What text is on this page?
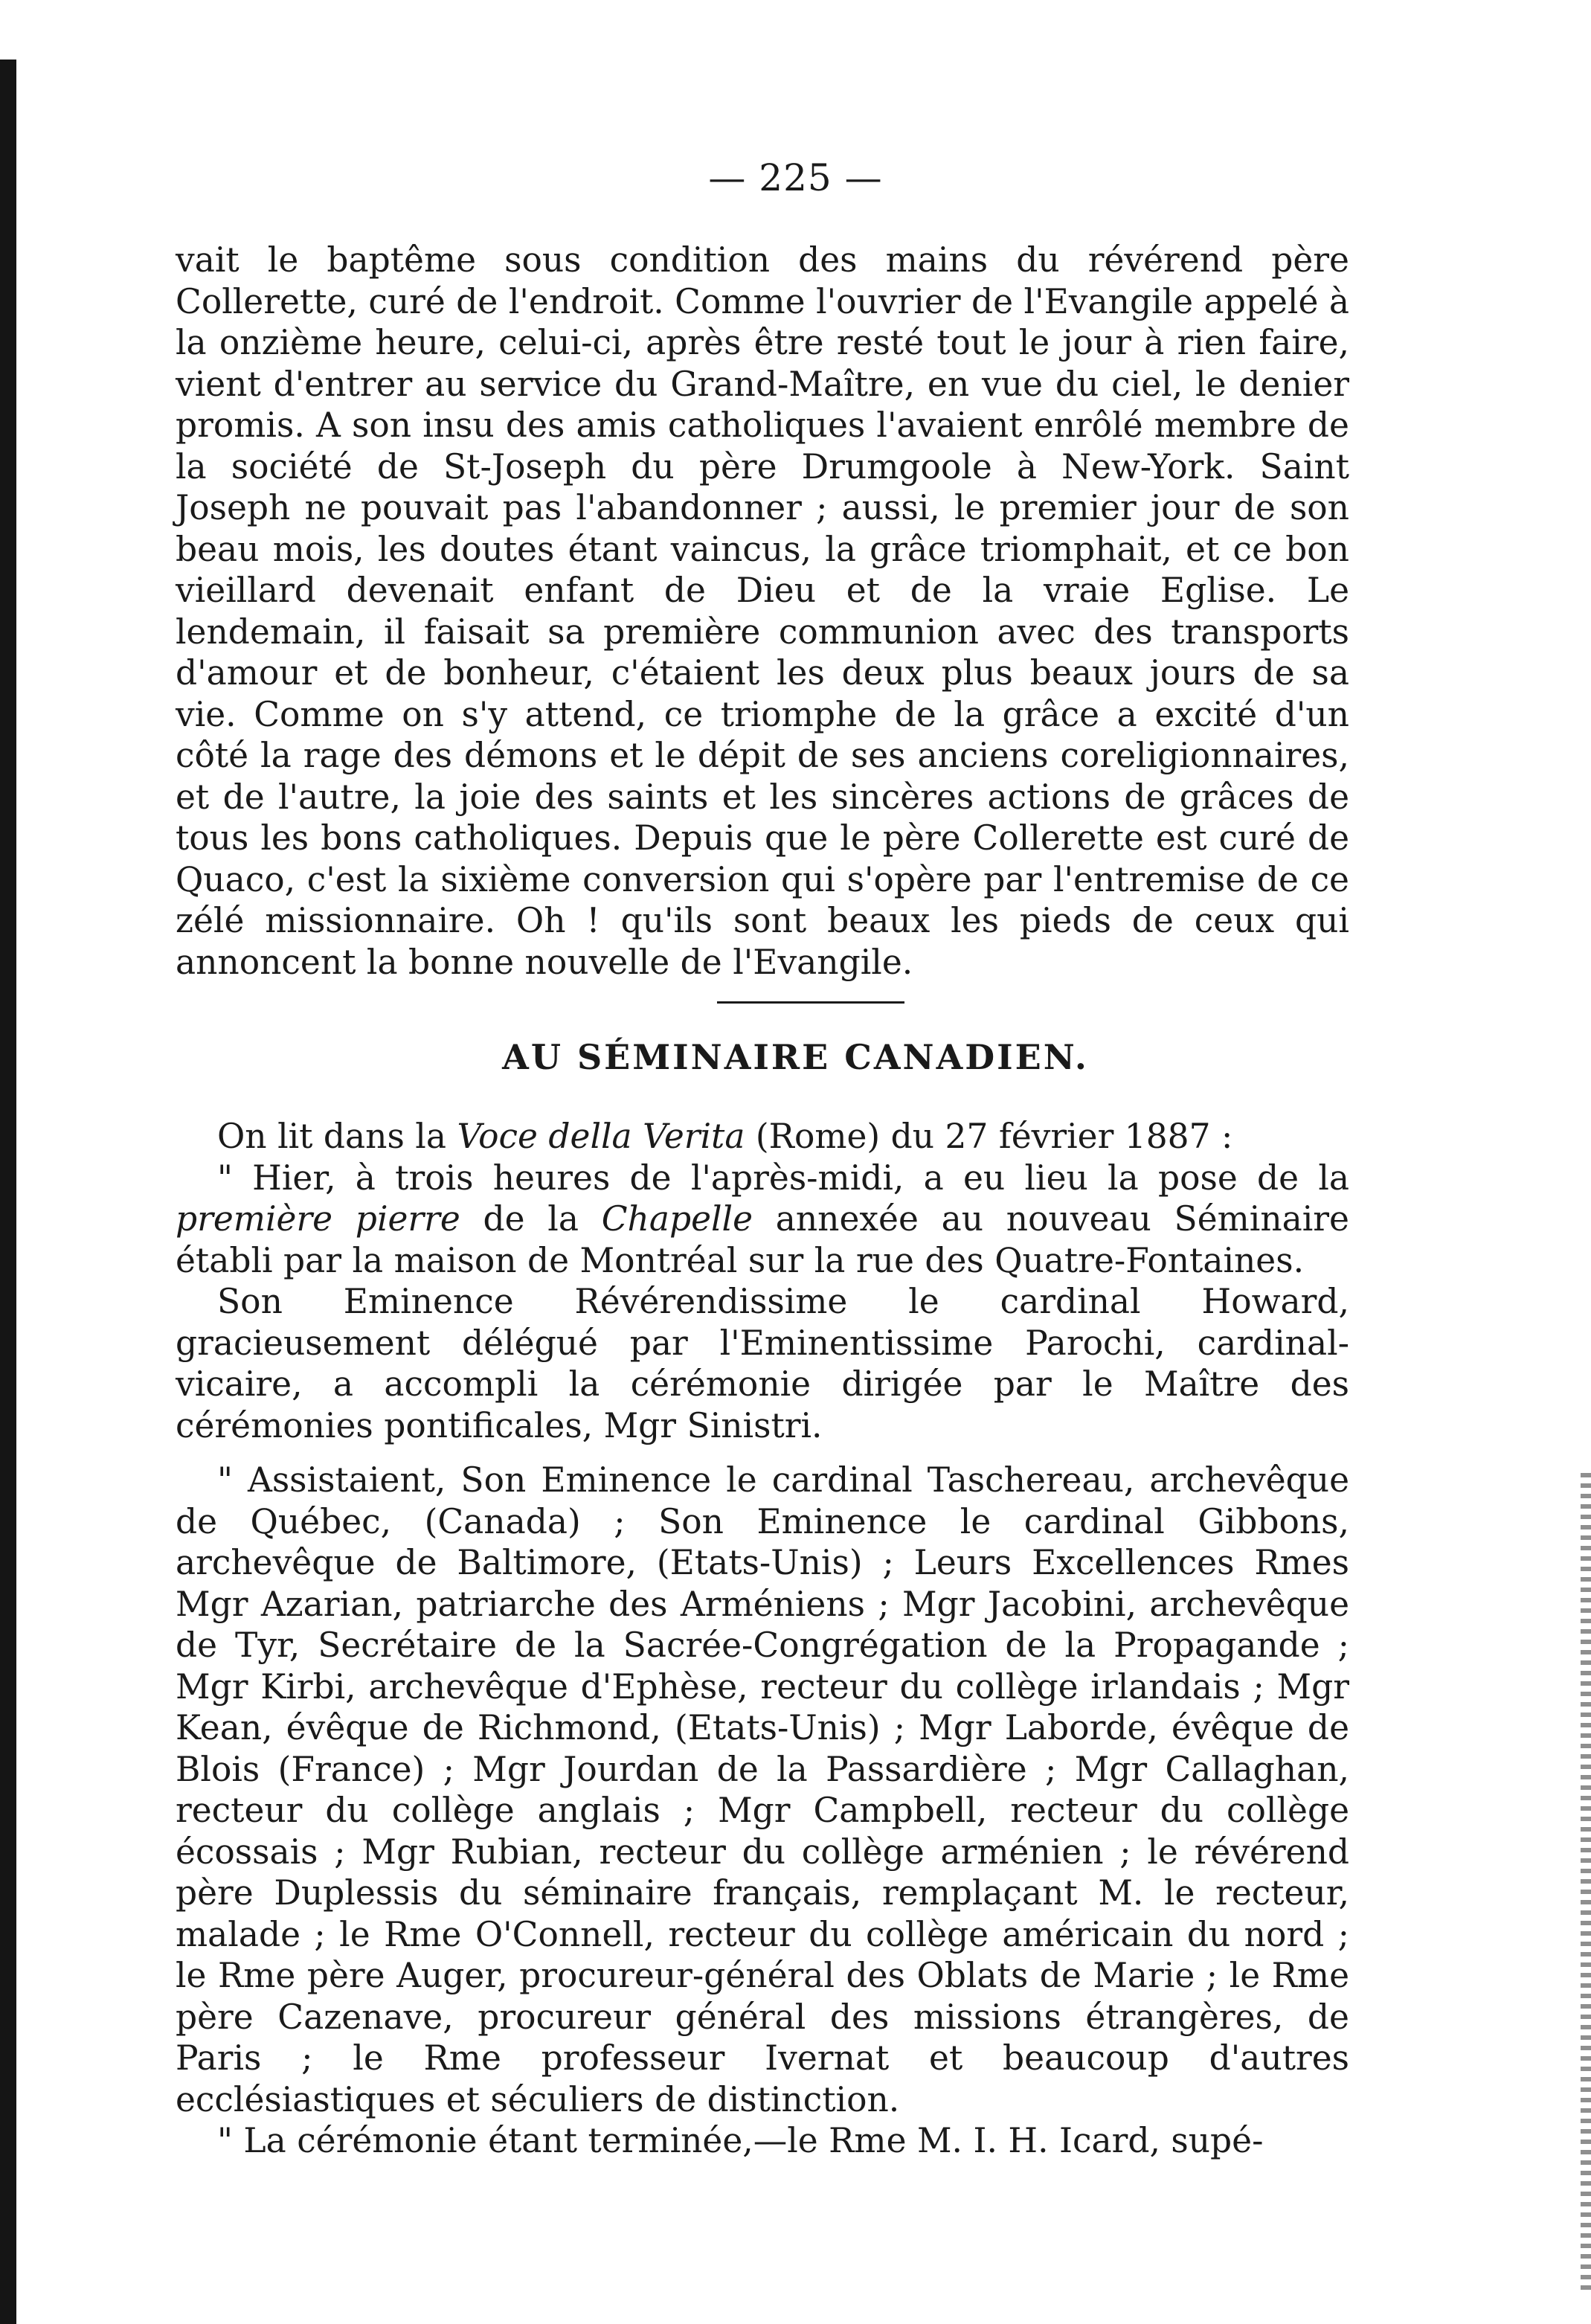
— 225 —
vait le baptême sous condition des mains du révérend père Collerette, curé de l'endroit. Comme l'ouvrier de l'Evangile appelé à la onzième heure, celui-ci, après être resté tout le jour à rien faire, vient d'entrer au service du Grand-Maître, en vue du ciel, le denier promis. A son insu des amis catholiques l'avaient enrôlé membre de la société de St-Joseph du père Drumgoole à New-York. Saint Joseph ne pouvait pas l'abandonner ; aussi, le premier jour de son beau mois, les doutes étant vaincus, la grâce triomphait, et ce bon vieillard devenait enfant de Dieu et de la vraie Eglise. Le lendemain, il faisait sa première communion avec des transports d'amour et de bonheur, c'étaient les deux plus beaux jours de sa vie. Comme on s'y attend, ce triomphe de la grâce a excité d'un côté la rage des démons et le dépit de ses anciens coreligionnaires, et de l'autre, la joie des saints et les sincères actions de grâces de tous les bons catholiques. Depuis que le père Collerette est curé de Quaco, c'est la sixième conversion qui s'opère par l'entremise de ce zélé missionnaire. Oh ! qu'ils sont beaux les pieds de ceux qui annoncent la bonne nouvelle de l'Evangile.
AU SÉMINAIRE CANADIEN.

On lit dans la Voce della Verita (Rome) du 27 février 1887 :

" Hier, à trois heures de l'après-midi, a eu lieu la pose de la première pierre de la Chapelle annexée au nouveau Séminaire établi par la maison de Montréal sur la rue des Quatre-Fontaines.

Son Eminence Révérendissime le cardinal Howard, gracieusement délégué par l'Eminentissime Parochi, cardinal-vicaire, a accompli la cérémonie dirigée par le Maître des cérémonies pontificales, Mgr Sinistri.

" Assistaient, Son Eminence le cardinal Taschereau, archevêque de Québec, (Canada) ; Son Eminence le cardinal Gibbons, archevêque de Baltimore, (Etats-Unis) ; Leurs Excellences Rmes Mgr Azarian, patriarche des Arméniens ; Mgr Jacobini, archevêque de Tyr, Secrétaire de la Sacrée-Congrégation de la Propagande ; Mgr Kirbi, archevêque d'Ephèse, recteur du collège irlandais ; Mgr Kean, évêque de Richmond, (Etats-Unis) ; Mgr Laborde, évêque de Blois (France) ; Mgr Jourdan de la Passardière ; Mgr Callaghan, recteur du collège anglais ; Mgr Campbell, recteur du collège écossais ; Mgr Rubian, recteur du collège arménien ; le révérend père Duplessis du séminaire français, remplaçant M. le recteur, malade ; le Rme O'Connell, recteur du collège américain du nord ; le Rme père Auger, procureur-général des Oblats de Marie ; le Rme père Cazenave, procureur général des missions étrangères, de Paris ; le Rme professeur Ivernat et beaucoup d'autres ecclésiastiques et séculiers de distinction.

" La cérémonie étant terminée,—le Rme M. I. H. Icard, supé-
